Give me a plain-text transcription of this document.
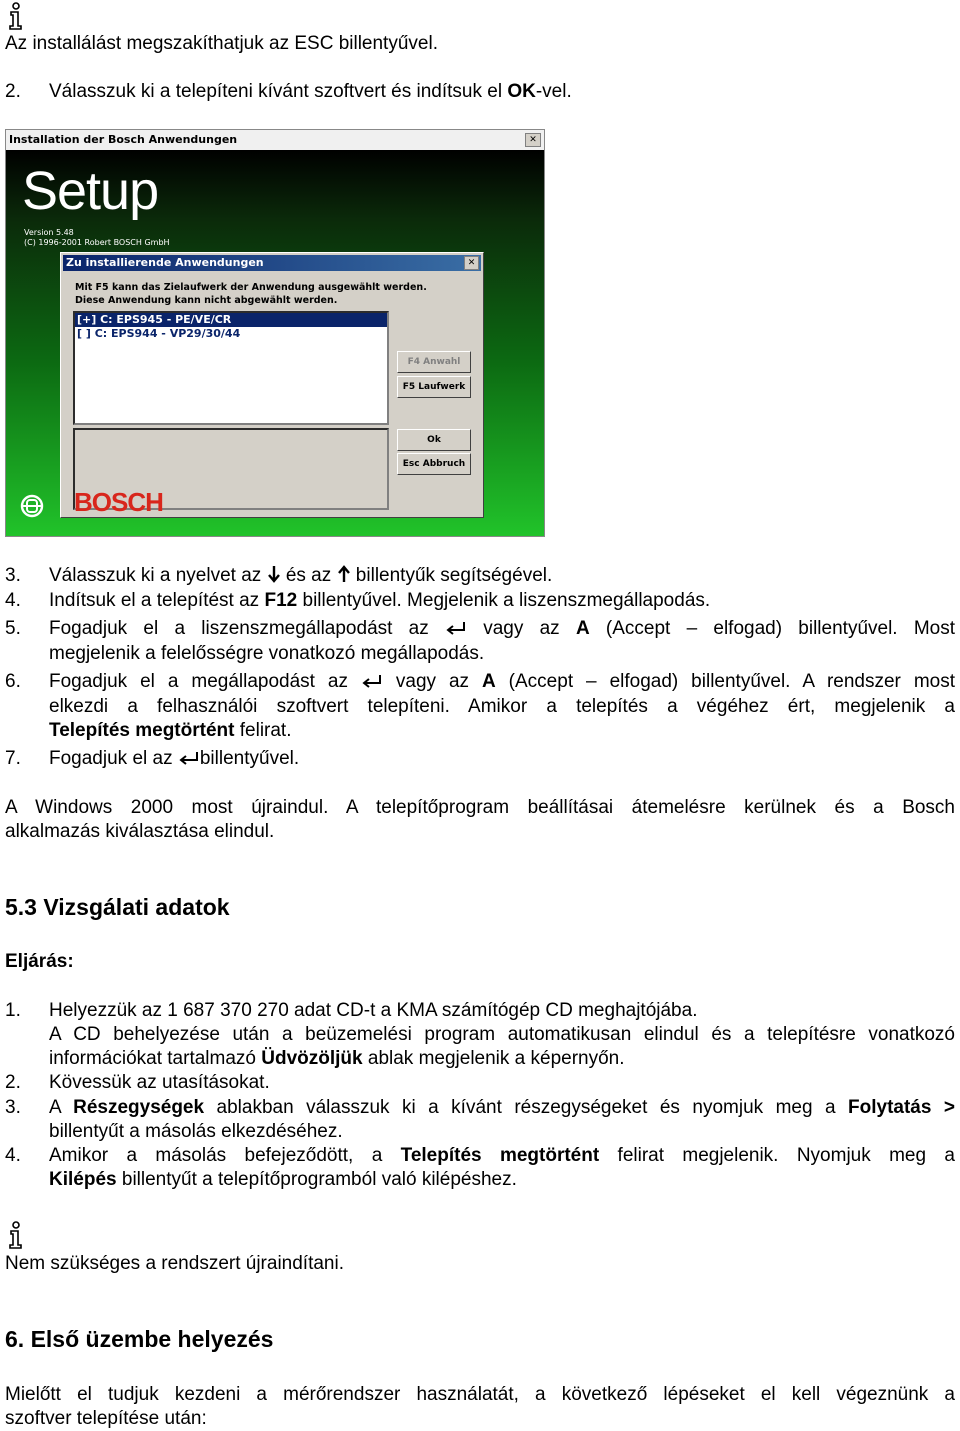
Az installálást megszakíthatjuk az ESC billentyűvel.
2.	Válasszuk ki a telepíteni kívánt szoftvert és indítsuk el OK-vel.
Installation der Bosch Anwendungen	✕
Setup
Version 5.48
(C) 1996-2001 Robert BOSCH GmbH
Zu installierende Anwendungen	✕
Mit F5 kann das Zielaufwerk der Anwendung ausgewählt werden.
Diese Anwendung kann nicht abgewählt werden.
[+] C: EPS945 - PE/VE/CR
[ ] C: EPS944 - VP29/30/44
F4 Anwahl
F5 Laufwerk
Ok
Esc Abbruch
BOSCH
3.	Válasszuk ki a nyelvet az  és az  billentyűk segítségével.
4.	Indítsuk el a telepítést az F12 billentyűvel. Megjelenik a liszenszmegállapodás.
5.	Fogadjuk el a liszenszmegállapodást az  vagy az A (Accept – elfogad) billentyűvel. Most
megjelenik a felelősségre vonatkozó megállapodás.
6.	Fogadjuk el a megállapodást az  vagy az A (Accept – elfogad) billentyűvel. A rendszer most
elkezdi a felhasználói szoftvert telepíteni. Amikor a telepítés a végéhez ért, megjelenik a
Telepítés megtörtént felirat.
7.	Fogadjuk el az billentyűvel.
A Windows 2000 most újraindul. A telepítőprogram beállításai átemelésre kerülnek és a Bosch
alkalmazás kiválasztása elindul.
5.3 Vizsgálati adatok
Eljárás:
1.	Helyezzük az 1 687 370 270 adat CD-t a KMA számítógép CD meghajtójába.
A CD behelyezése után a beüzemelési program automatikusan elindul és a telepítésre vonatkozó
információkat tartalmazó Üdvözöljük ablak megjelenik a képernyőn.
2.	Kövessük az utasításokat.
3.	A Részegységek ablakban válasszuk ki a kívánt részegységeket és nyomjuk meg a Folytatás >
billentyűt a másolás elkezdéséhez.
4.	Amikor a másolás befejeződött, a Telepítés megtörtént felirat megjelenik. Nyomjuk meg a
Kilépés billentyűt a telepítőprogramból való kilépéshez.
Nem szükséges a rendszert újraindítani.
6. Első üzembe helyezés
Mielőtt el tudjuk kezdeni a mérőrendszer használatát, a következő lépéseket el kell végeznünk a
szoftver telepítése után:
